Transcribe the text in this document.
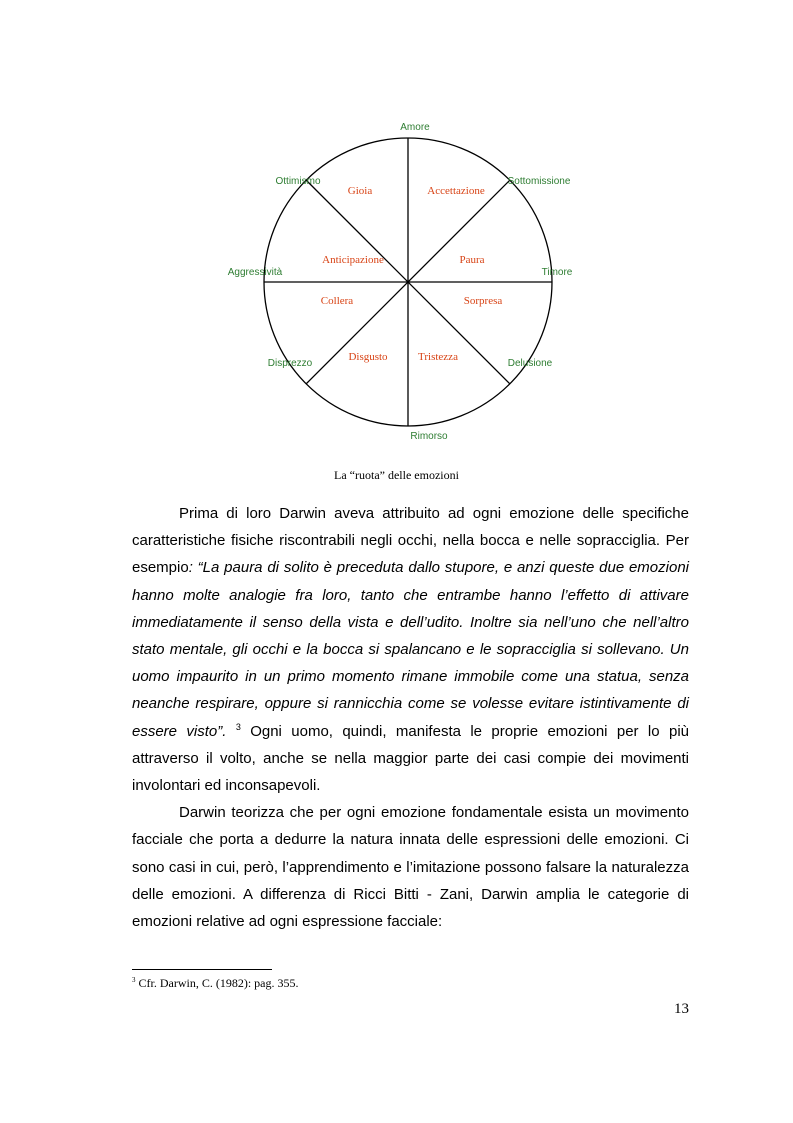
Amore
Sottomissione
Timore
Delusione
Rimorso
Disprezzo
Aggressività
Ottimismo
Accettazione
Paura
Sorpresa
Tristezza
Disgusto
Collera
Anticipazione
Gioia
La “ruota” delle emozioni

Prima di loro Darwin aveva attribuito ad ogni emozione delle specifiche caratteristiche fisiche riscontrabili negli occhi, nella bocca e nelle sopracciglia. Per esempio: “La paura di solito è preceduta dallo stupore, e anzi queste due emozioni hanno molte analogie fra loro, tanto che entrambe hanno l’effetto di attivare immediatamente il senso della vista e dell’udito. Inoltre sia nell’uno che nell’altro stato mentale, gli occhi e la bocca si spalancano e le sopracciglia si sollevano. Un uomo impaurito in un primo momento rimane immobile come una statua, senza neanche respirare, oppure si rannicchia come se volesse evitare istintivamente di essere visto”. $^3$ Ogni uomo, quindi, manifesta le proprie emozioni per lo più attraverso il volto, anche se nella maggior parte dei casi compie dei movimenti involontari ed inconsapevoli.

Darwin teorizza che per ogni emozione fondamentale esista un movimento facciale che porta a dedurre la natura innata delle espressioni delle emozioni. Ci sono casi in cui, però, l’apprendimento e l’imitazione possono falsare la naturalezza delle emozioni. A differenza di Ricci Bitti - Zani, Darwin amplia le categorie di emozioni relative ad ogni espressione facciale:

$^3$ Cfr. Darwin, C. (1982): pag. 355.
13
